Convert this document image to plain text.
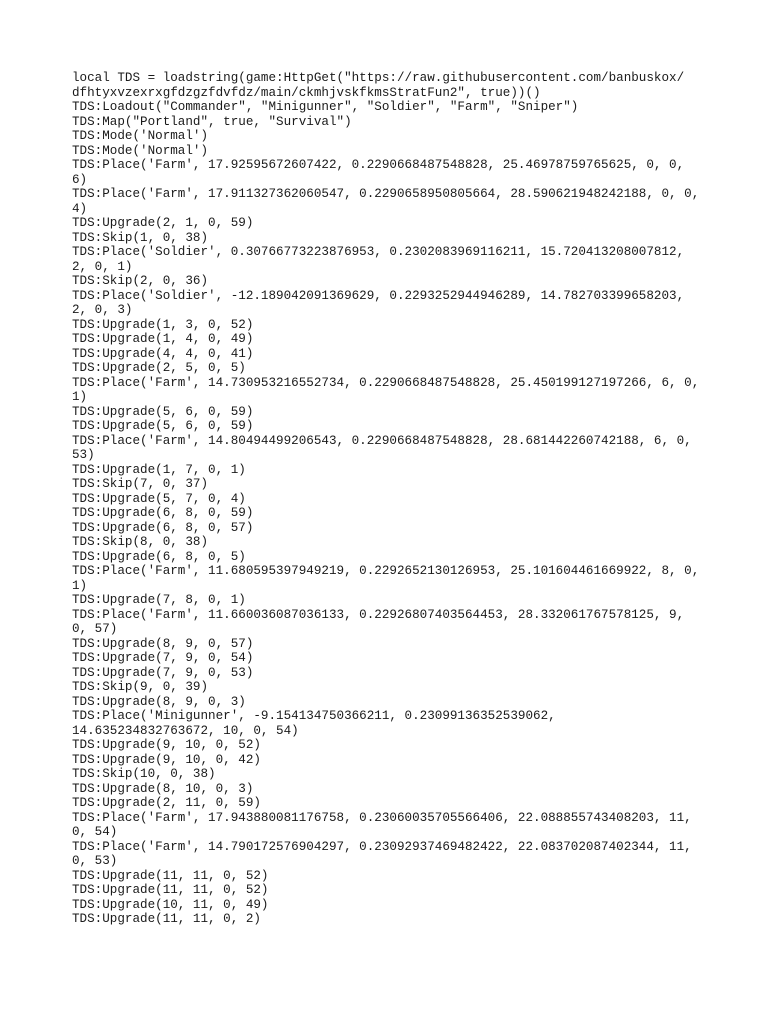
local TDS = loadstring(game:HttpGet("https://raw.githubusercontent.com/banbuskox/
dfhtyxvzexrxgfdzgzfdvfdz/main/ckmhjvskfkmsStratFun2", true))()
TDS:Loadout("Commander", "Minigunner", "Soldier", "Farm", "Sniper")
TDS:Map("Portland", true, "Survival")
TDS:Mode('Normal')
TDS:Mode('Normal')
TDS:Place('Farm', 17.92595672607422, 0.2290668487548828, 25.46978759765625, 0, 0,
6)
TDS:Place('Farm', 17.911327362060547, 0.2290658950805664, 28.590621948242188, 0, 0,
4)
TDS:Upgrade(2, 1, 0, 59)
TDS:Skip(1, 0, 38)
TDS:Place('Soldier', 0.30766773223876953, 0.2302083969116211, 15.720413208007812,
2, 0, 1)
TDS:Skip(2, 0, 36)
TDS:Place('Soldier', -12.189042091369629, 0.2293252944946289, 14.782703399658203,
2, 0, 3)
TDS:Upgrade(1, 3, 0, 52)
TDS:Upgrade(1, 4, 0, 49)
TDS:Upgrade(4, 4, 0, 41)
TDS:Upgrade(2, 5, 0, 5)
TDS:Place('Farm', 14.730953216552734, 0.2290668487548828, 25.450199127197266, 6, 0,
1)
TDS:Upgrade(5, 6, 0, 59)
TDS:Upgrade(5, 6, 0, 59)
TDS:Place('Farm', 14.80494499206543, 0.2290668487548828, 28.681442260742188, 6, 0,
53)
TDS:Upgrade(1, 7, 0, 1)
TDS:Skip(7, 0, 37)
TDS:Upgrade(5, 7, 0, 4)
TDS:Upgrade(6, 8, 0, 59)
TDS:Upgrade(6, 8, 0, 57)
TDS:Skip(8, 0, 38)
TDS:Upgrade(6, 8, 0, 5)
TDS:Place('Farm', 11.680595397949219, 0.2292652130126953, 25.101604461669922, 8, 0,
1)
TDS:Upgrade(7, 8, 0, 1)
TDS:Place('Farm', 11.660036087036133, 0.22926807403564453, 28.332061767578125, 9,
0, 57)
TDS:Upgrade(8, 9, 0, 57)
TDS:Upgrade(7, 9, 0, 54)
TDS:Upgrade(7, 9, 0, 53)
TDS:Skip(9, 0, 39)
TDS:Upgrade(8, 9, 0, 3)
TDS:Place('Minigunner', -9.154134750366211, 0.23099136352539062,
14.635234832763672, 10, 0, 54)
TDS:Upgrade(9, 10, 0, 52)
TDS:Upgrade(9, 10, 0, 42)
TDS:Skip(10, 0, 38)
TDS:Upgrade(8, 10, 0, 3)
TDS:Upgrade(2, 11, 0, 59)
TDS:Place('Farm', 17.943880081176758, 0.23060035705566406, 22.088855743408203, 11,
0, 54)
TDS:Place('Farm', 14.790172576904297, 0.23092937469482422, 22.083702087402344, 11,
0, 53)
TDS:Upgrade(11, 11, 0, 52)
TDS:Upgrade(11, 11, 0, 52)
TDS:Upgrade(10, 11, 0, 49)
TDS:Upgrade(11, 11, 0, 2)
